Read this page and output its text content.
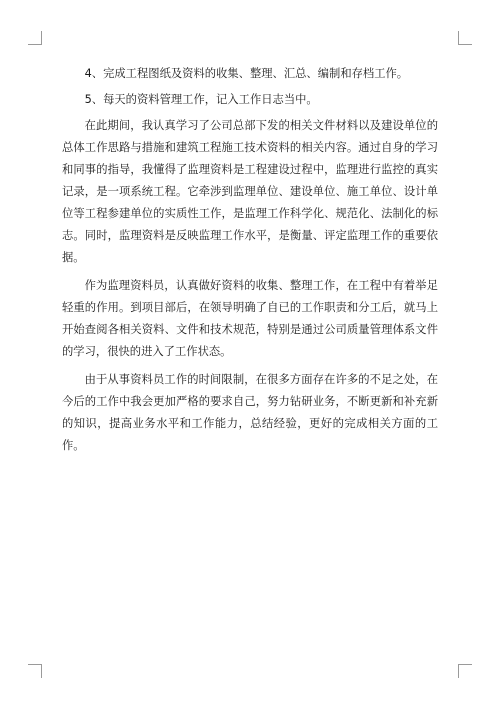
4、完成工程图纸及资料的收集、整理、汇总、编制和存档工作。

5、每天的资料管理工作，记入工作日志当中。

在此期间，我认真学习了公司总部下发的相关文件材料以及建设单位的总体工作思路与措施和建筑工程施工技术资料的相关内容。通过自身的学习和同事的指导，我懂得了监理资料是工程建设过程中，监理进行监控的真实记录，是一项系统工程。它牵涉到监理单位、建设单位、施工单位、设计单位等工程参建单位的实质性工作，是监理工作科学化、规范化、法制化的标志。同时，监理资料是反映监理工作水平，是衡量、评定监理工作的重要依据。

作为监理资料员，认真做好资料的收集、整理工作，在工程中有着举足轻重的作用。到项目部后，在领导明确了自已的工作职责和分工后，就马上开始查阅各相关资料、文件和技术规范，特别是通过公司质量管理体系文件的学习，很快的进入了工作状态。

由于从事资料员工作的时间限制，在很多方面存在许多的不足之处，在今后的工作中我会更加严格的要求自己，努力钻研业务，不断更新和补充新的知识，提高业务水平和工作能力，总结经验，更好的完成相关方面的工作。
